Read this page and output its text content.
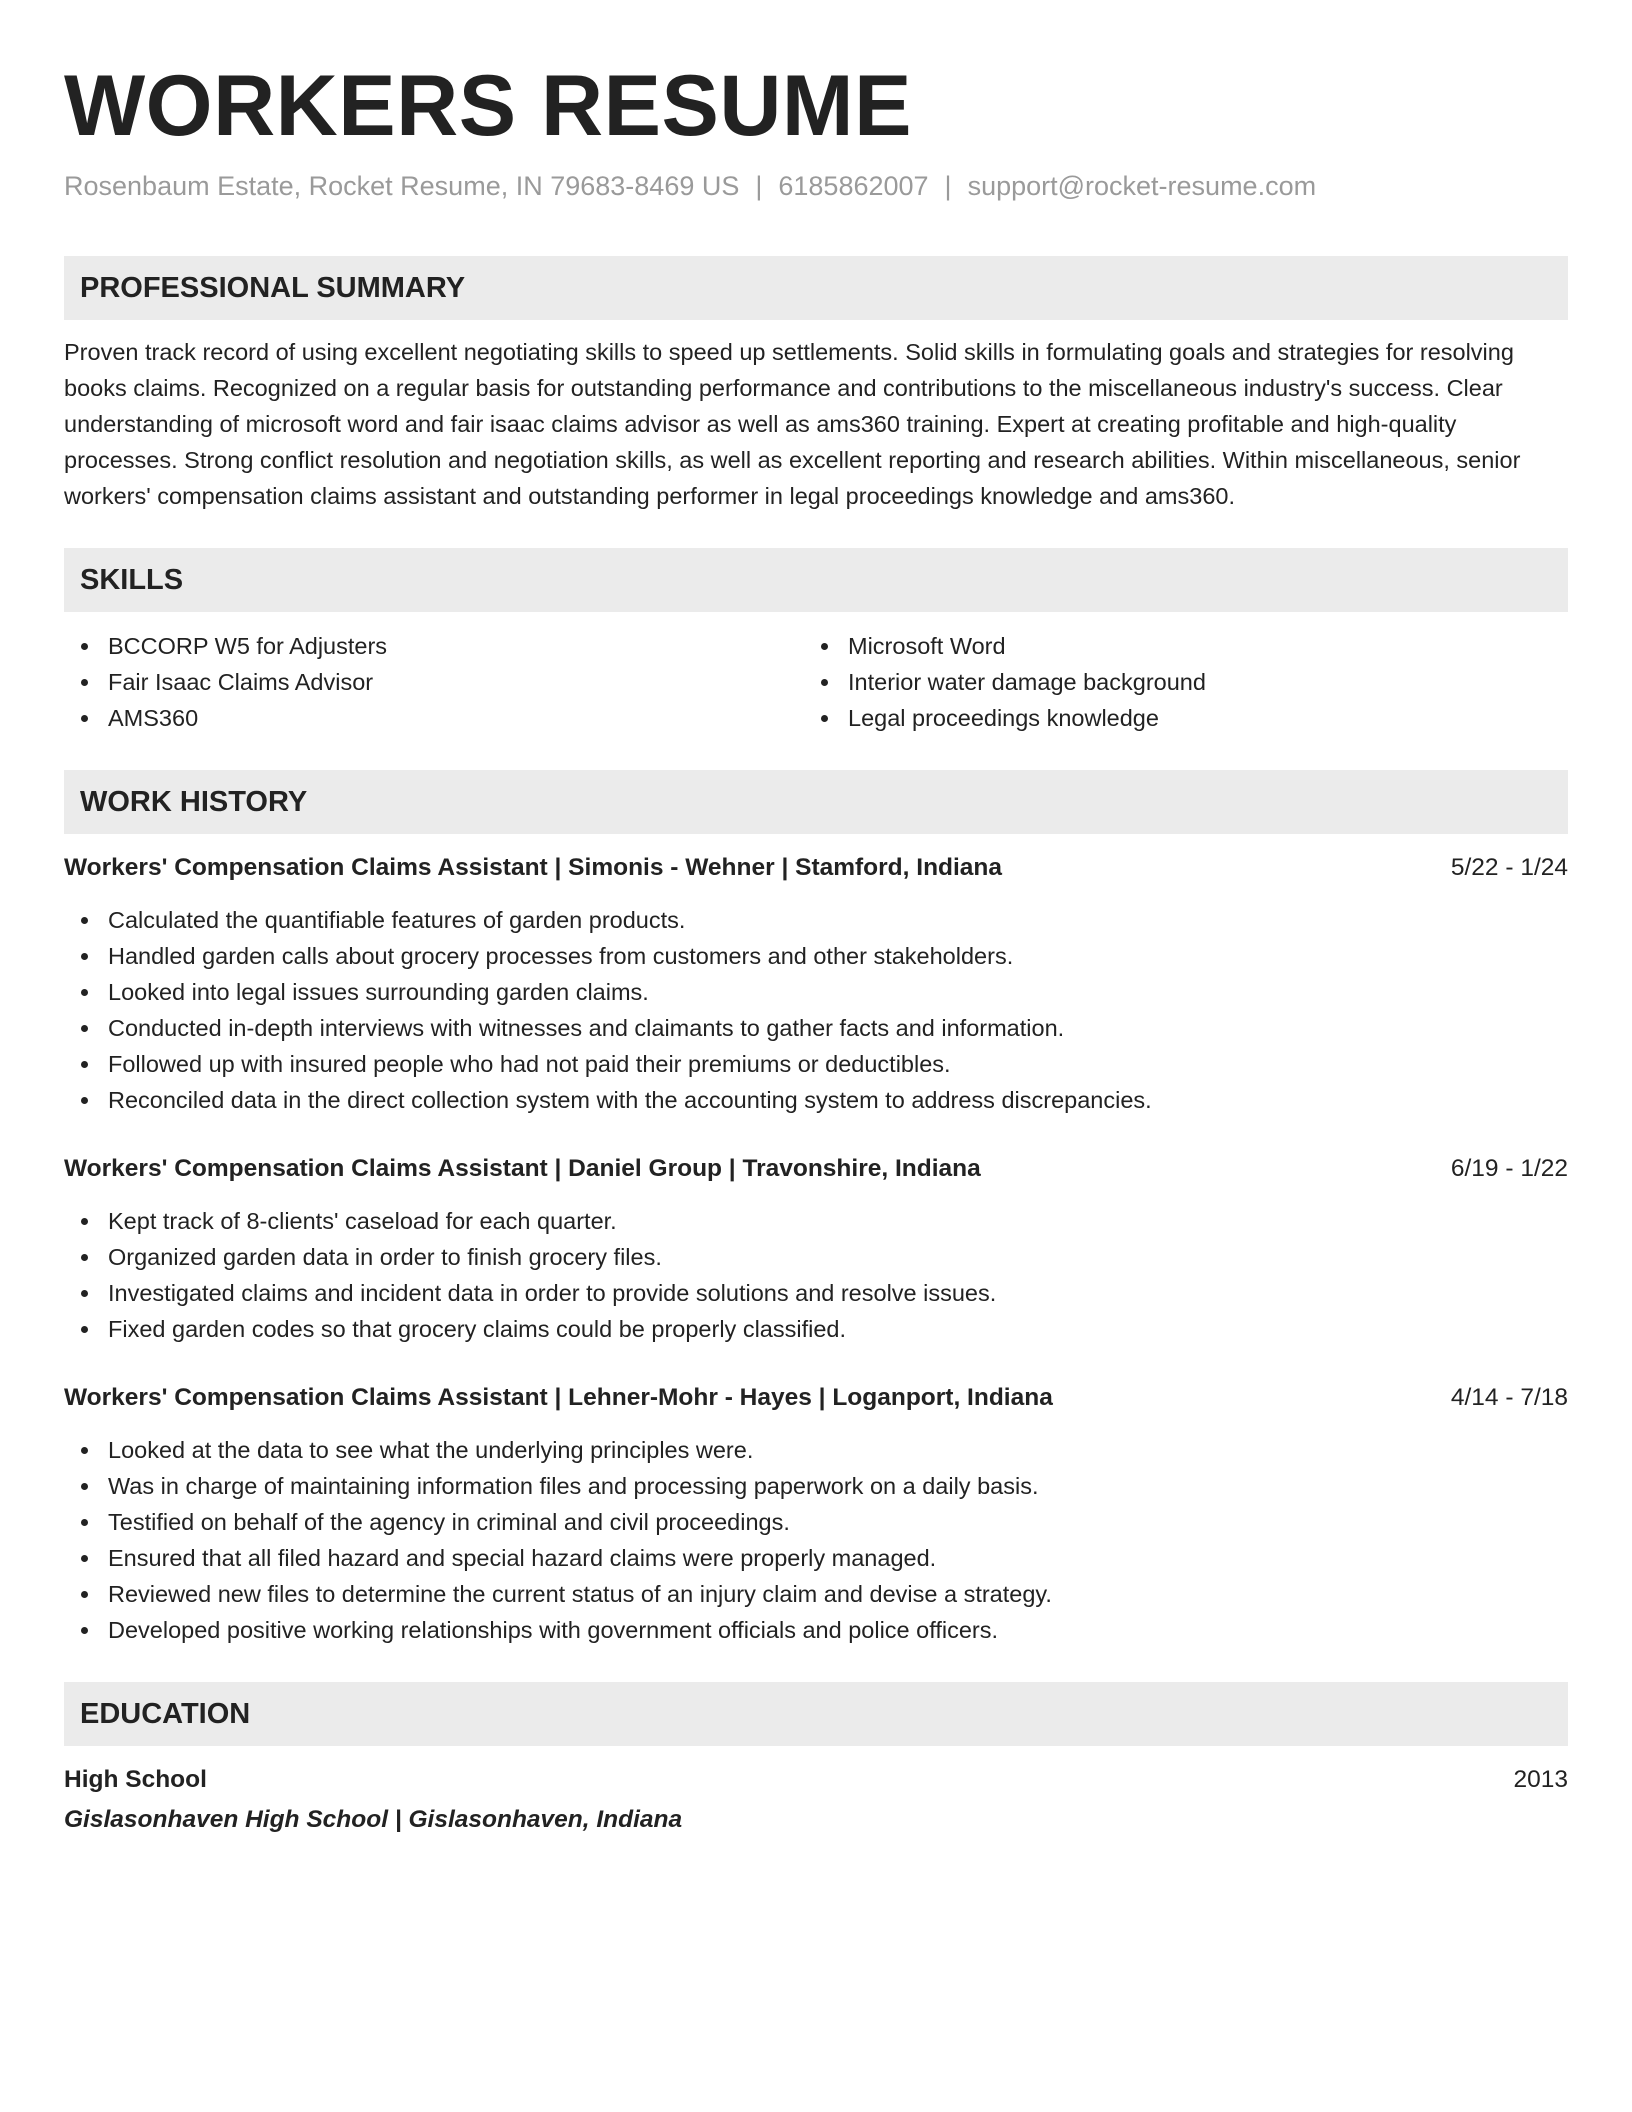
WORKERS RESUME
Rosenbaum Estate, Rocket Resume, IN 79683-8469 US | 6185862007 | support@rocket-resume.com
PROFESSIONAL SUMMARY
Proven track record of using excellent negotiating skills to speed up settlements. Solid skills in formulating goals and strategies for resolving books claims. Recognized on a regular basis for outstanding performance and contributions to the miscellaneous industry's success. Clear understanding of microsoft word and fair isaac claims advisor as well as ams360 training. Expert at creating profitable and high-quality processes. Strong conflict resolution and negotiation skills, as well as excellent reporting and research abilities. Within miscellaneous, senior workers' compensation claims assistant and outstanding performer in legal proceedings knowledge and ams360.
SKILLS
BCCORP W5 for Adjusters
Fair Isaac Claims Advisor
AMS360
Microsoft Word
Interior water damage background
Legal proceedings knowledge
WORK HISTORY
Workers' Compensation Claims Assistant | Simonis - Wehner | Stamford, Indiana	5/22 - 1/24
Calculated the quantifiable features of garden products.
Handled garden calls about grocery processes from customers and other stakeholders.
Looked into legal issues surrounding garden claims.
Conducted in-depth interviews with witnesses and claimants to gather facts and information.
Followed up with insured people who had not paid their premiums or deductibles.
Reconciled data in the direct collection system with the accounting system to address discrepancies.
Workers' Compensation Claims Assistant | Daniel Group | Travonshire, Indiana	6/19 - 1/22
Kept track of 8-clients' caseload for each quarter.
Organized garden data in order to finish grocery files.
Investigated claims and incident data in order to provide solutions and resolve issues.
Fixed garden codes so that grocery claims could be properly classified.
Workers' Compensation Claims Assistant | Lehner-Mohr - Hayes | Loganport, Indiana	4/14 - 7/18
Looked at the data to see what the underlying principles were.
Was in charge of maintaining information files and processing paperwork on a daily basis.
Testified on behalf of the agency in criminal and civil proceedings.
Ensured that all filed hazard and special hazard claims were properly managed.
Reviewed new files to determine the current status of an injury claim and devise a strategy.
Developed positive working relationships with government officials and police officers.
EDUCATION
High School	2013
Gislasonhaven High School | Gislasonhaven, Indiana
